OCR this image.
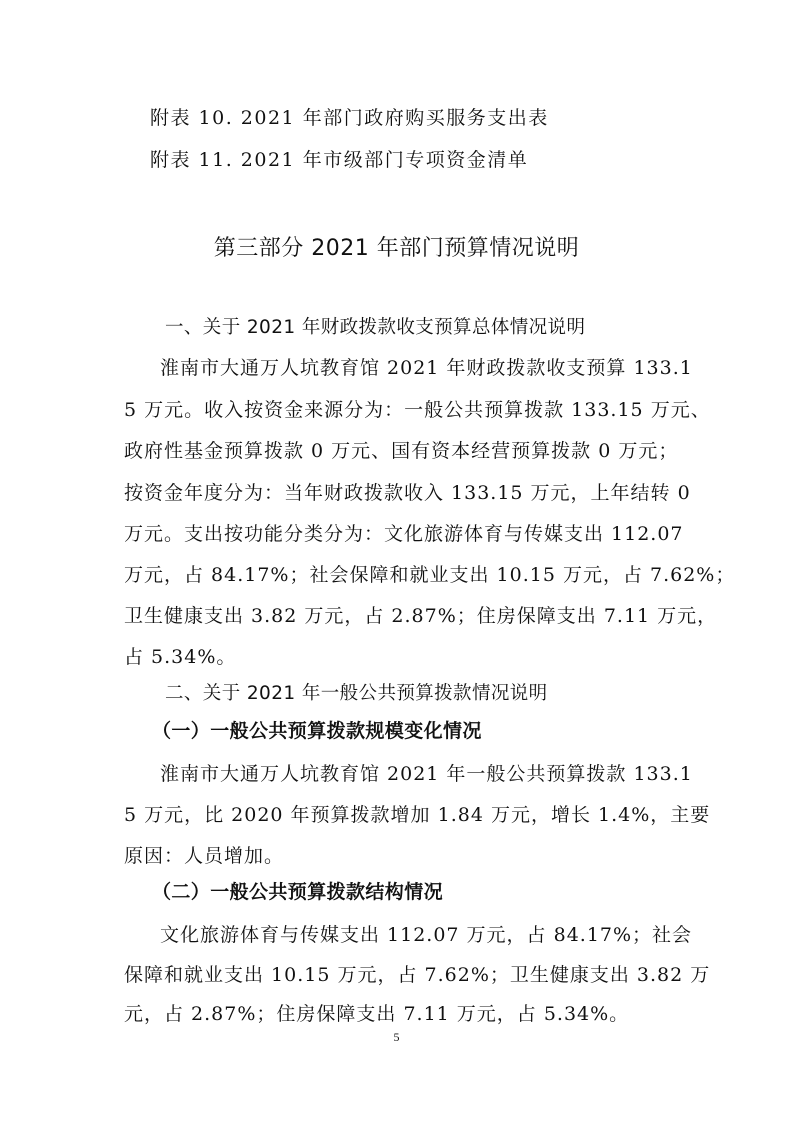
附表 10. 2021 年部门政府购买服务支出表
附表 11. 2021 年市级部门专项资金清单
第三部分 2021 年部门预算情况说明
一、关于 2021 年财政拨款收支预算总体情况说明
淮南市大通万人坑教育馆 2021 年财政拨款收支预算 133.1
5 万元。收入按资金来源分为：一般公共预算拨款 133.15 万元、
政府性基金预算拨款 0 万元、国有资本经营预算拨款 0 万元；
按资金年度分为：当年财政拨款收入 133.15 万元，上年结转 0
万元。支出按功能分类分为：文化旅游体育与传媒支出 112.07
万元，占 84.17%；社会保障和就业支出 10.15 万元，占 7.62%；
卫生健康支出 3.82 万元，占 2.87%；住房保障支出 7.11 万元，
占 5.34%。
二、关于 2021 年一般公共预算拨款情况说明
（一）一般公共预算拨款规模变化情况
淮南市大通万人坑教育馆 2021 年一般公共预算拨款 133.1
5 万元，比 2020 年预算拨款增加 1.84 万元，增长 1.4%，主要
原因：人员增加。
（二）一般公共预算拨款结构情况
文化旅游体育与传媒支出 112.07 万元，占 84.17%；社会
保障和就业支出 10.15 万元，占 7.62%；卫生健康支出 3.82 万
元，占 2.87%；住房保障支出 7.11 万元，占 5.34%。
5
